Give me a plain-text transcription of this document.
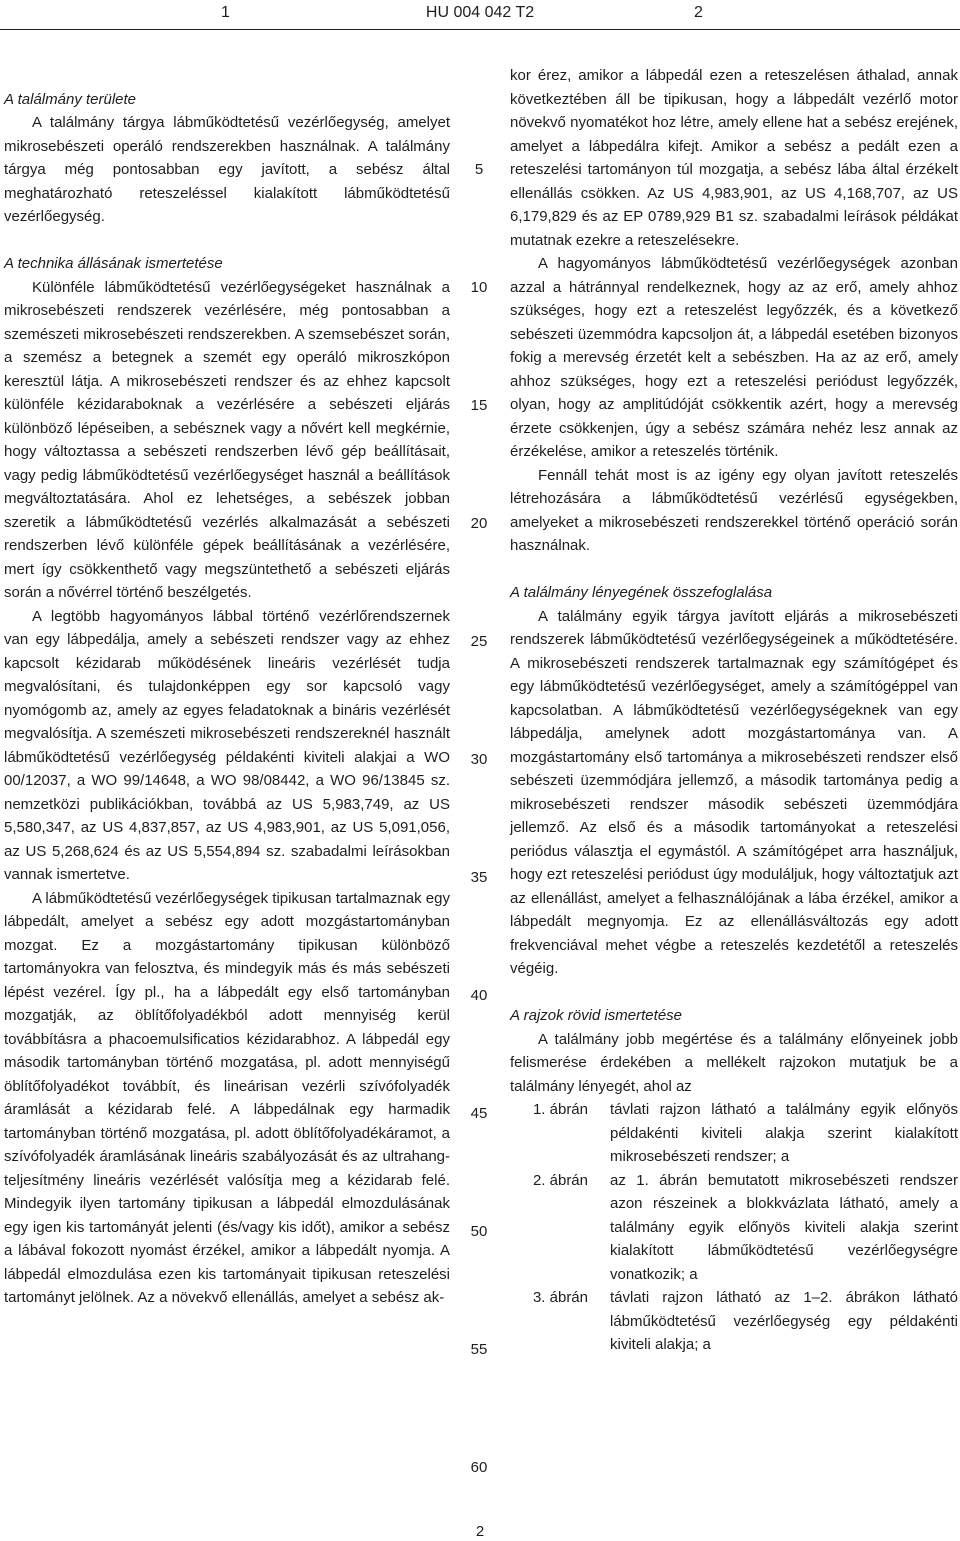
1	HU 004 042 T2	2
A találmány területe

A találmány tárgya lábműködtetésű vezérlőegység, amelyet mikrosebészeti operáló rendszerekben használnak. A találmány tárgya még pontosabban egy javított, a sebész által meghatározható reteszeléssel kialakított lábműködtetésű vezérlőegység.

A technika állásának ismertetése

Különféle lábműködtetésű vezérlőegységeket használnak a mikrosebészeti rendszerek vezérlésére, még pontosabban a szemészeti mikrosebészeti rendszerekben. A szemsebészet során, a szemész a betegnek a szemét egy operáló mikroszkópon keresztül látja. A mikrosebészeti rendszer és az ehhez kapcsolt különféle kézidaraboknak a vezérlésére a sebészeti eljárás különböző lépéseiben, a sebésznek vagy a nővért kell megkérnie, hogy változtassa a sebészeti rendszerben lévő gép beállításait, vagy pedig lábműködtetésű vezérlőegységet használ a beállítások megváltoztatására. Ahol ez lehetséges, a sebészek jobban szeretik a lábműködtetésű vezérlés alkalmazását a sebészeti rendszerben lévő különféle gépek beállításának a vezérlésére, mert így csökkenthető vagy megszüntethető a sebészeti eljárás során a nővérrel történő beszélgetés.

A legtöbb hagyományos lábbal történő vezérlőrendszernek van egy lábpedálja, amely a sebészeti rendszer vagy az ehhez kapcsolt kézidarab működésének lineáris vezérlését tudja megvalósítani, és tulajdonképpen egy sor kapcsoló vagy nyomógomb az, amely az egyes feladatoknak a bináris vezérlését megvalósítja. A szemészeti mikrosebészeti rendszereknél használt lábműködtetésű vezérlőegység példakénti kiviteli alakjai a WO 00/12037, a WO 99/14648, a WO 98/08442, a WO 96/13845 sz. nemzetközi publikációkban, továbbá az US 5,983,749, az US 5,580,347, az US 4,837,857, az US 4,983,901, az US 5,091,056, az US 5,268,624 és az US 5,554,894 sz. szabadalmi leírásokban vannak ismertetve.

A lábműködtetésű vezérlőegységek tipikusan tartalmaznak egy lábpedált, amelyet a sebész egy adott mozgástartományban mozgat. Ez a mozgástartomány tipikusan különböző tartományokra van felosztva, és mindegyik más és más sebészeti lépést vezérel. Így pl., ha a lábpedált egy első tartományban mozgatják, az öblítőfolyadékból adott mennyiség kerül továbbításra a phacoemulsificatios kézidarabhoz. A lábpedál egy második tartományban történő mozgatása, pl. adott mennyiségű öblítőfolyadékot továbbít, és lineárisan vezérli szívófolyadék áramlását a kézidarab felé. A lábpedálnak egy harmadik tartományban történő mozgatása, pl. adott öblítőfolyadékáramot, a szívófolyadék áramlásának lineáris szabályozását és az ultrahang-teljesítmény lineáris vezérlését valósítja meg a kézidarab felé. Mindegyik ilyen tartomány tipikusan a lábpedál elmozdulásának egy igen kis tartományát jelenti (és/vagy kis időt), amikor a sebész a lábával fokozott nyomást érzékel, amikor a lábpedált nyomja. A lábpedál elmozdulása ezen kis tartományait tipikusan reteszelési tartományt jelölnek. Az a növekvő ellenállás, amelyet a sebész ak-

kor érez, amikor a lábpedál ezen a reteszelésen áthalad, annak következtében áll be tipikusan, hogy a lábpedált vezérlő motor növekvő nyomatékot hoz létre, amely ellene hat a sebész erejének, amelyet a lábpedálra kifejt. Amikor a sebész a pedált ezen a reteszelési tartományon túl mozgatja, a sebész lába által érzékelt ellenállás csökken. Az US 4,983,901, az US 4,168,707, az US 6,179,829 és az EP 0789,929 B1 sz. szabadalmi leírások példákat mutatnak ezekre a reteszelésekre.

A hagyományos lábműködtetésű vezérlőegységek azonban azzal a hátránnyal rendelkeznek, hogy az az erő, amely ahhoz szükséges, hogy ezt a reteszelést legyőzzék, és a következő sebészeti üzemmódra kapcsoljon át, a lábpedál esetében bizonyos fokig a merevség érzetét kelt a sebészben. Ha az az erő, amely ahhoz szükséges, hogy ezt a reteszelési periódust legyőzzék, olyan, hogy az amplitúdóját csökkentik azért, hogy a merevség érzete csökkenjen, úgy a sebész számára nehéz lesz annak az érzékelése, amikor a reteszelés történik.

Fennáll tehát most is az igény egy olyan javított reteszelés létrehozására a lábműködtetésű vezérlésű egységekben, amelyeket a mikrosebészeti rendszerekkel történő operáció során használnak.

A találmány lényegének összefoglalása

A találmány egyik tárgya javított eljárás a mikrosebészeti rendszerek lábműködtetésű vezérlőegységeinek a működtetésére. A mikrosebészeti rendszerek tartalmaznak egy számítógépet és egy lábműködtetésű vezérlőegységet, amely a számítógéppel van kapcsolatban. A lábműködtetésű vezérlőegységeknek van egy lábpedálja, amelynek adott mozgástartománya van. A mozgástartomány első tartománya a mikrosebészeti rendszer első sebészeti üzemmódjára jellemző, a második tartománya pedig a mikrosebészeti rendszer második sebészeti üzemmódjára jellemző. Az első és a második tartományokat a reteszelési periódus választja el egymástól. A számítógépet arra használjuk, hogy ezt reteszelési periódust úgy moduláljuk, hogy változtatjuk azt az ellenállást, amelyet a felhasználójának a lába érzékel, amikor a lábpedált megnyomja. Ez az ellenállásváltozás egy adott frekvenciával mehet végbe a reteszelés kezdetétől a reteszelés végéig.

A rajzok rövid ismertetése

A találmány jobb megértése és a találmány előnyeinek jobb felismerése érdekében a mellékelt rajzokon mutatjuk be a találmány lényegét, ahol az

1. ábrán	távlati rajzon látható a találmány egyik előnyös példakénti kiviteli alakja szerint kialakított mikrosebészeti rendszer; a
2. ábrán	az 1. ábrán bemutatott mikrosebészeti rendszer azon részeinek a blokkvázlata látható, amely a találmány egyik előnyös kiviteli alakja szerint kialakított lábműködtetésű vezérlőegységre vonatkozik; a
3. ábrán	távlati rajzon látható az 1–2. ábrákon látható lábműködtetésű vezérlőegység egy példakénti kiviteli alakja; a
5
10
15
20
25
30
35
40
45
50
55
60
2
